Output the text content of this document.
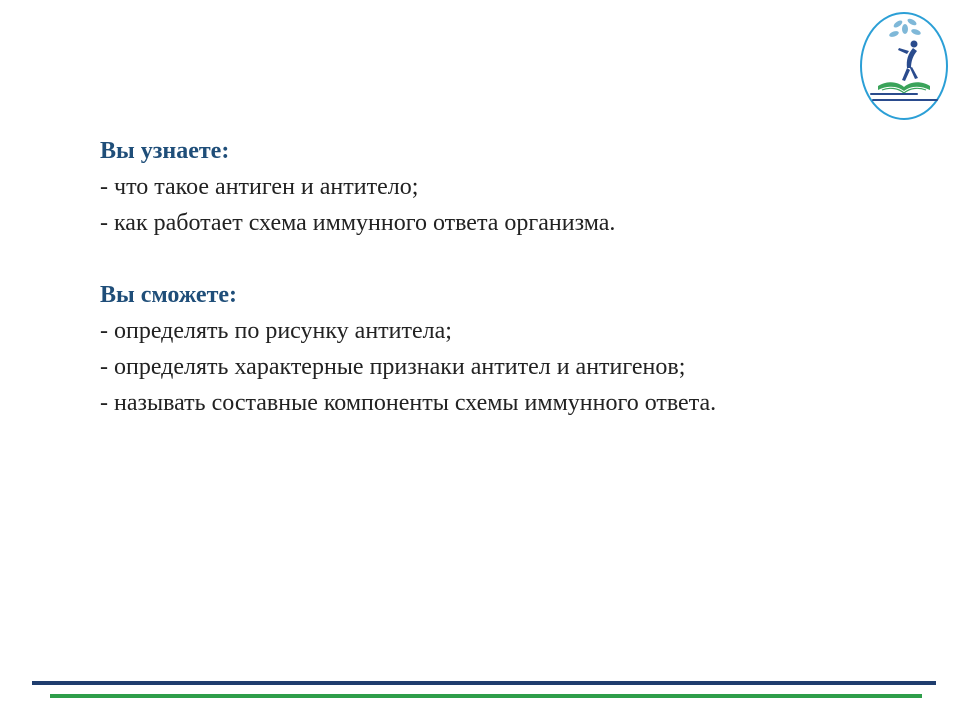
Вы узнаете:

- что такое антиген и антитело;
- как работает схема иммунного ответа организма.

Вы сможете:

- определять по рисунку антитела;
- определять характерные признаки антител и антигенов;
- называть составные компоненты схемы иммунного ответа.
